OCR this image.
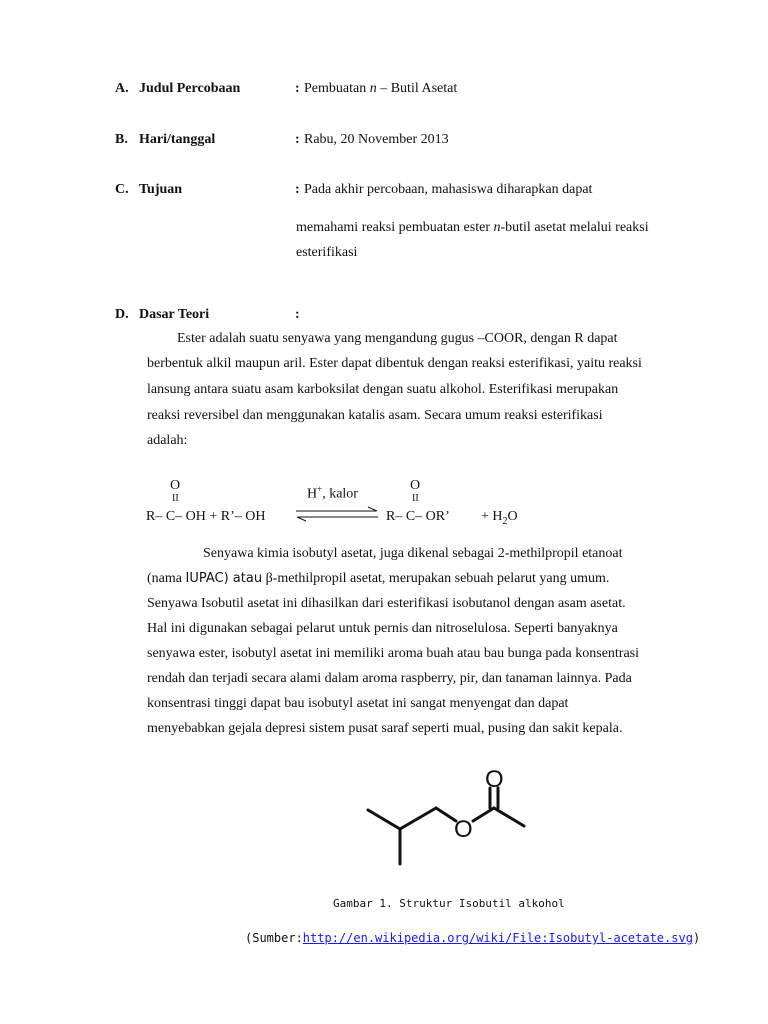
A. Judul Percobaan	: Pembuatan n – Butil Asetat
B. Hari/tanggal	: Rabu, 20 November 2013
C. Tujuan	: Pada akhir percobaan, mahasiswa diharapkan dapat
memahami reaksi pembuatan ester n-butil asetat melalui reaksi
esterifikasi
D. Dasar Teori	:
Ester adalah suatu senyawa yang mengandung gugus –COOR, dengan R dapat
berbentuk alkil maupun aril. Ester dapat dibentuk dengan reaksi esterifikasi, yaitu reaksi
lansung antara suatu asam karboksilat dengan suatu alkohol. Esterifikasi merupakan
reaksi reversibel dan menggunakan katalis asam. Secara umum reaksi esterifikasi
adalah:
O
II
R– C– OH + R’– OH
H+, kalor
O
II
R– C– OR’ + $H_2O$
Senyawa kimia isobutyl asetat, juga dikenal sebagai 2-methilpropil etanoat
(nama IUPAC) atau β-methilpropil asetat, merupakan sebuah pelarut yang umum.
Senyawa Isobutil asetat ini dihasilkan dari esterifikasi isobutanol dengan asam asetat.
Hal ini digunakan sebagai pelarut untuk pernis dan nitroselulosa. Seperti banyaknya
senyawa ester, isobutyl asetat ini memiliki aroma buah atau bau bunga pada konsentrasi
rendah dan terjadi secara alami dalam aroma raspberry, pir, dan tanaman lainnya. Pada
konsentrasi tinggi dapat bau isobutyl asetat ini sangat menyengat dan dapat
menyebabkan gejala depresi sistem pusat saraf seperti mual, pusing dan sakit kepala.
O
O
Gambar 1. Struktur Isobutil alkohol
(Sumber:http://en.wikipedia.org/wiki/File:Isobutyl-acetate.svg)
